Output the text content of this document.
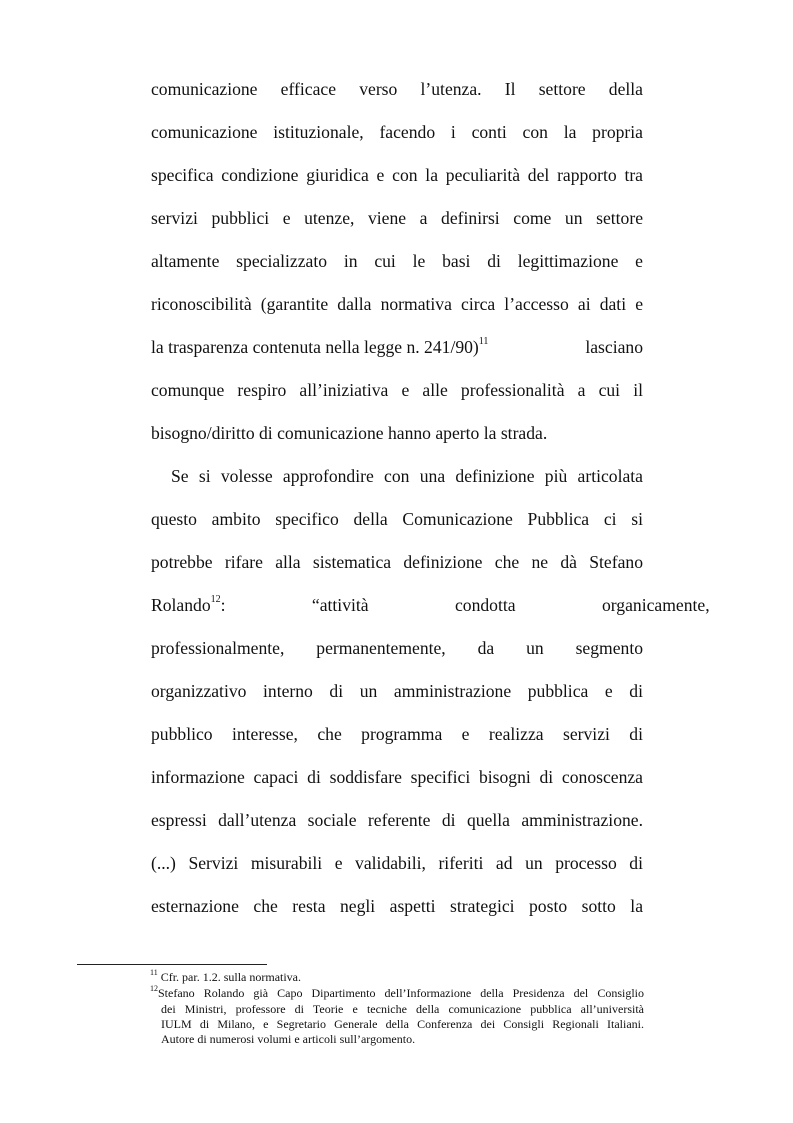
comunicazione efficace verso l’utenza. Il settore della
comunicazione istituzionale, facendo i conti con la propria
specifica condizione giuridica e con la peculiarità del rapporto tra
servizi pubblici e utenze, viene a definirsi come un settore
altamente specializzato in cui le basi di legittimazione e
riconoscibilità (garantite dalla normativa circa l’accesso ai dati e
la trasparenza contenuta nella legge n. 241/90)$^{11}$	lasciano
comunque respiro all’iniziativa e alle professionalità a cui il
bisogno/diritto di comunicazione hanno aperto la strada.
Se si volesse approfondire con una definizione più articolata
questo ambito specifico della Comunicazione Pubblica ci si
potrebbe rifare alla sistematica definizione che ne dà Stefano
Rolando$^{12}$: “attività condotta organicamente,
professionalmente, permanentemente, da un segmento
organizzativo interno di un amministrazione pubblica e di
pubblico interesse, che programma e realizza servizi di
informazione capaci di soddisfare specifici bisogni di conoscenza
espressi dall’utenza sociale referente di quella amministrazione.
(...) Servizi misurabili e validabili, riferiti ad un processo di
esternazione che resta negli aspetti strategici posto sotto la
$^{11}$ Cfr. par. 1.2. sulla normativa.
$^{12}$Stefano Rolando già Capo Dipartimento dell’Informazione della Presidenza del Consiglio
dei Ministri, professore di Teorie e tecniche della comunicazione pubblica all’università
IULM di Milano, e Segretario Generale della Conferenza dei Consigli Regionali Italiani.
Autore di numerosi volumi e articoli sull’argomento.
